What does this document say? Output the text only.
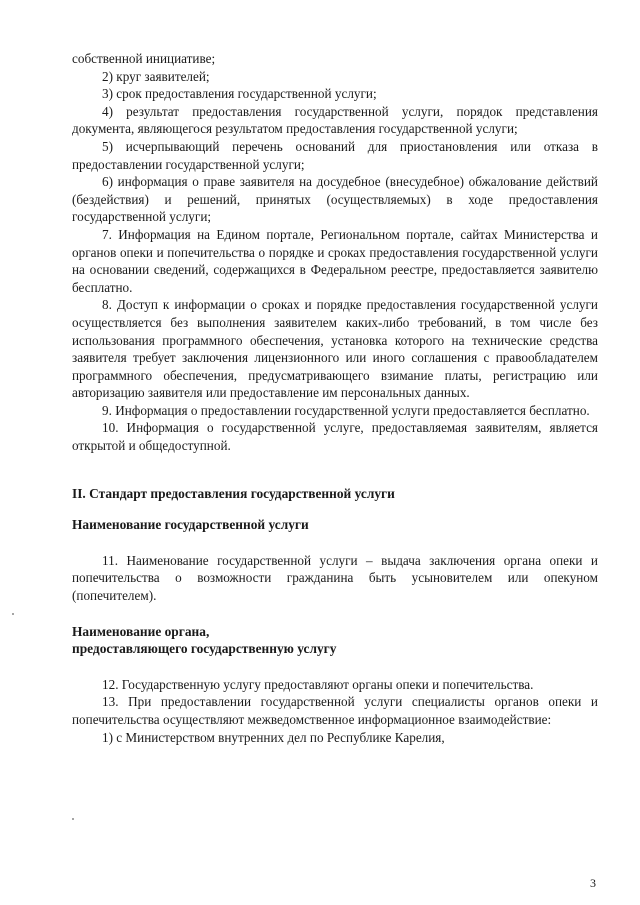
собственной инициативе;

2) круг заявителей;

3) срок предоставления государственной услуги;

4) результат предоставления государственной услуги, порядок представления документа, являющегося результатом предоставления государственной услуги;

5) исчерпывающий перечень оснований для приостановления или отказа в предоставлении государственной услуги;

6) информация о праве заявителя на досудебное (внесудебное) обжалование действий (бездействия) и решений, принятых (осуществляемых) в ходе предоставления государственной услуги;

7. Информация на Едином портале, Региональном портале, сайтах Министерства и органов опеки и попечительства о порядке и сроках предоставления государственной услуги на основании сведений, содержащихся в Федеральном реестре, предоставляется заявителю бесплатно.

8. Доступ к информации о сроках и порядке предоставления государственной услуги осуществляется без выполнения заявителем каких-либо требований, в том числе без использования программного обеспечения, установка которого на технические средства заявителя требует заключения лицензионного или иного соглашения с правообладателем программного обеспечения, предусматривающего взимание платы, регистрацию или авторизацию заявителя или предоставление им персональных данных.

9. Информация о предоставлении государственной услуги предоставляется бесплатно.

10. Информация о государственной услуге, предоставляемая заявителям, является открытой и общедоступной.

II. Стандарт предоставления государственной услуги

Наименование государственной услуги

11. Наименование государственной услуги – выдача заключения органа опеки и попечительства о возможности гражданина быть усыновителем или опекуном (попечителем).

Наименование органа,

предоставляющего государственную услугу

12. Государственную услугу предоставляют органы опеки и попечительства.

13. При предоставлении государственной услуги специалисты органов опеки и попечительства осуществляют межведомственное информационное взаимодействие:

1) с Министерством внутренних дел по Республике Карелия,

3
